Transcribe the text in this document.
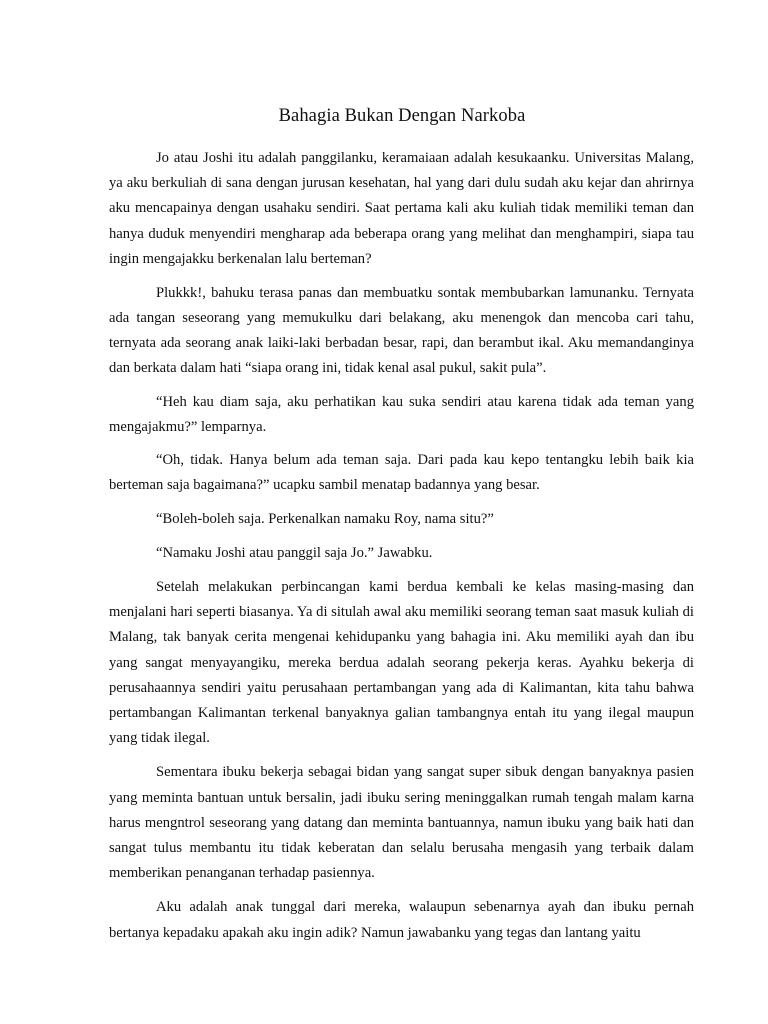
Bahagia Bukan Dengan Narkoba

Jo atau Joshi itu adalah panggilanku, keramaiaan adalah kesukaanku. Universitas Malang, ya aku berkuliah di sana dengan jurusan kesehatan, hal yang dari dulu sudah aku kejar dan ahrirnya aku mencapainya dengan usahaku sendiri. Saat pertama kali aku kuliah tidak memiliki teman dan hanya duduk menyendiri mengharap ada beberapa orang yang melihat dan menghampiri, siapa tau ingin mengajakku berkenalan lalu berteman?

Plukkk!, bahuku terasa panas dan membuatku sontak membubarkan lamunanku. Ternyata ada tangan seseorang yang memukulku dari belakang, aku menengok dan mencoba cari tahu, ternyata ada seorang anak laiki-laki berbadan besar, rapi, dan berambut ikal. Aku memandanginya dan berkata dalam hati “siapa orang ini, tidak kenal asal pukul, sakit pula”.

“Heh kau diam saja, aku perhatikan kau suka sendiri atau karena tidak ada teman yang mengajakmu?” lemparnya.

“Oh, tidak. Hanya belum ada teman saja. Dari pada kau kepo tentangku lebih baik kia berteman saja bagaimana?” ucapku sambil menatap badannya yang besar.

“Boleh-boleh saja. Perkenalkan namaku Roy, nama situ?”

“Namaku Joshi atau panggil saja Jo.” Jawabku.

Setelah melakukan perbincangan kami berdua kembali ke kelas masing-masing dan menjalani hari seperti biasanya. Ya di situlah awal aku memiliki seorang teman saat masuk kuliah di Malang, tak banyak cerita mengenai kehidupanku yang bahagia ini. Aku memiliki ayah dan ibu yang sangat menyayangiku, mereka berdua adalah seorang pekerja keras. Ayahku bekerja di perusahaannya sendiri yaitu perusahaan pertambangan yang ada di Kalimantan, kita tahu bahwa pertambangan Kalimantan terkenal banyaknya galian tambangnya entah itu yang ilegal maupun yang tidak ilegal.

Sementara ibuku bekerja sebagai bidan yang sangat super sibuk dengan banyaknya pasien yang meminta bantuan untuk bersalin, jadi ibuku sering meninggalkan rumah tengah malam karna harus mengntrol seseorang yang datang dan meminta bantuannya, namun ibuku yang baik hati dan sangat tulus membantu itu tidak keberatan dan selalu berusaha mengasih yang terbaik dalam memberikan penanganan terhadap pasiennya.

Aku adalah anak tunggal dari mereka, walaupun sebenarnya ayah dan ibuku pernah bertanya kepadaku apakah aku ingin adik? Namun jawabanku yang tegas dan lantang yaitu
